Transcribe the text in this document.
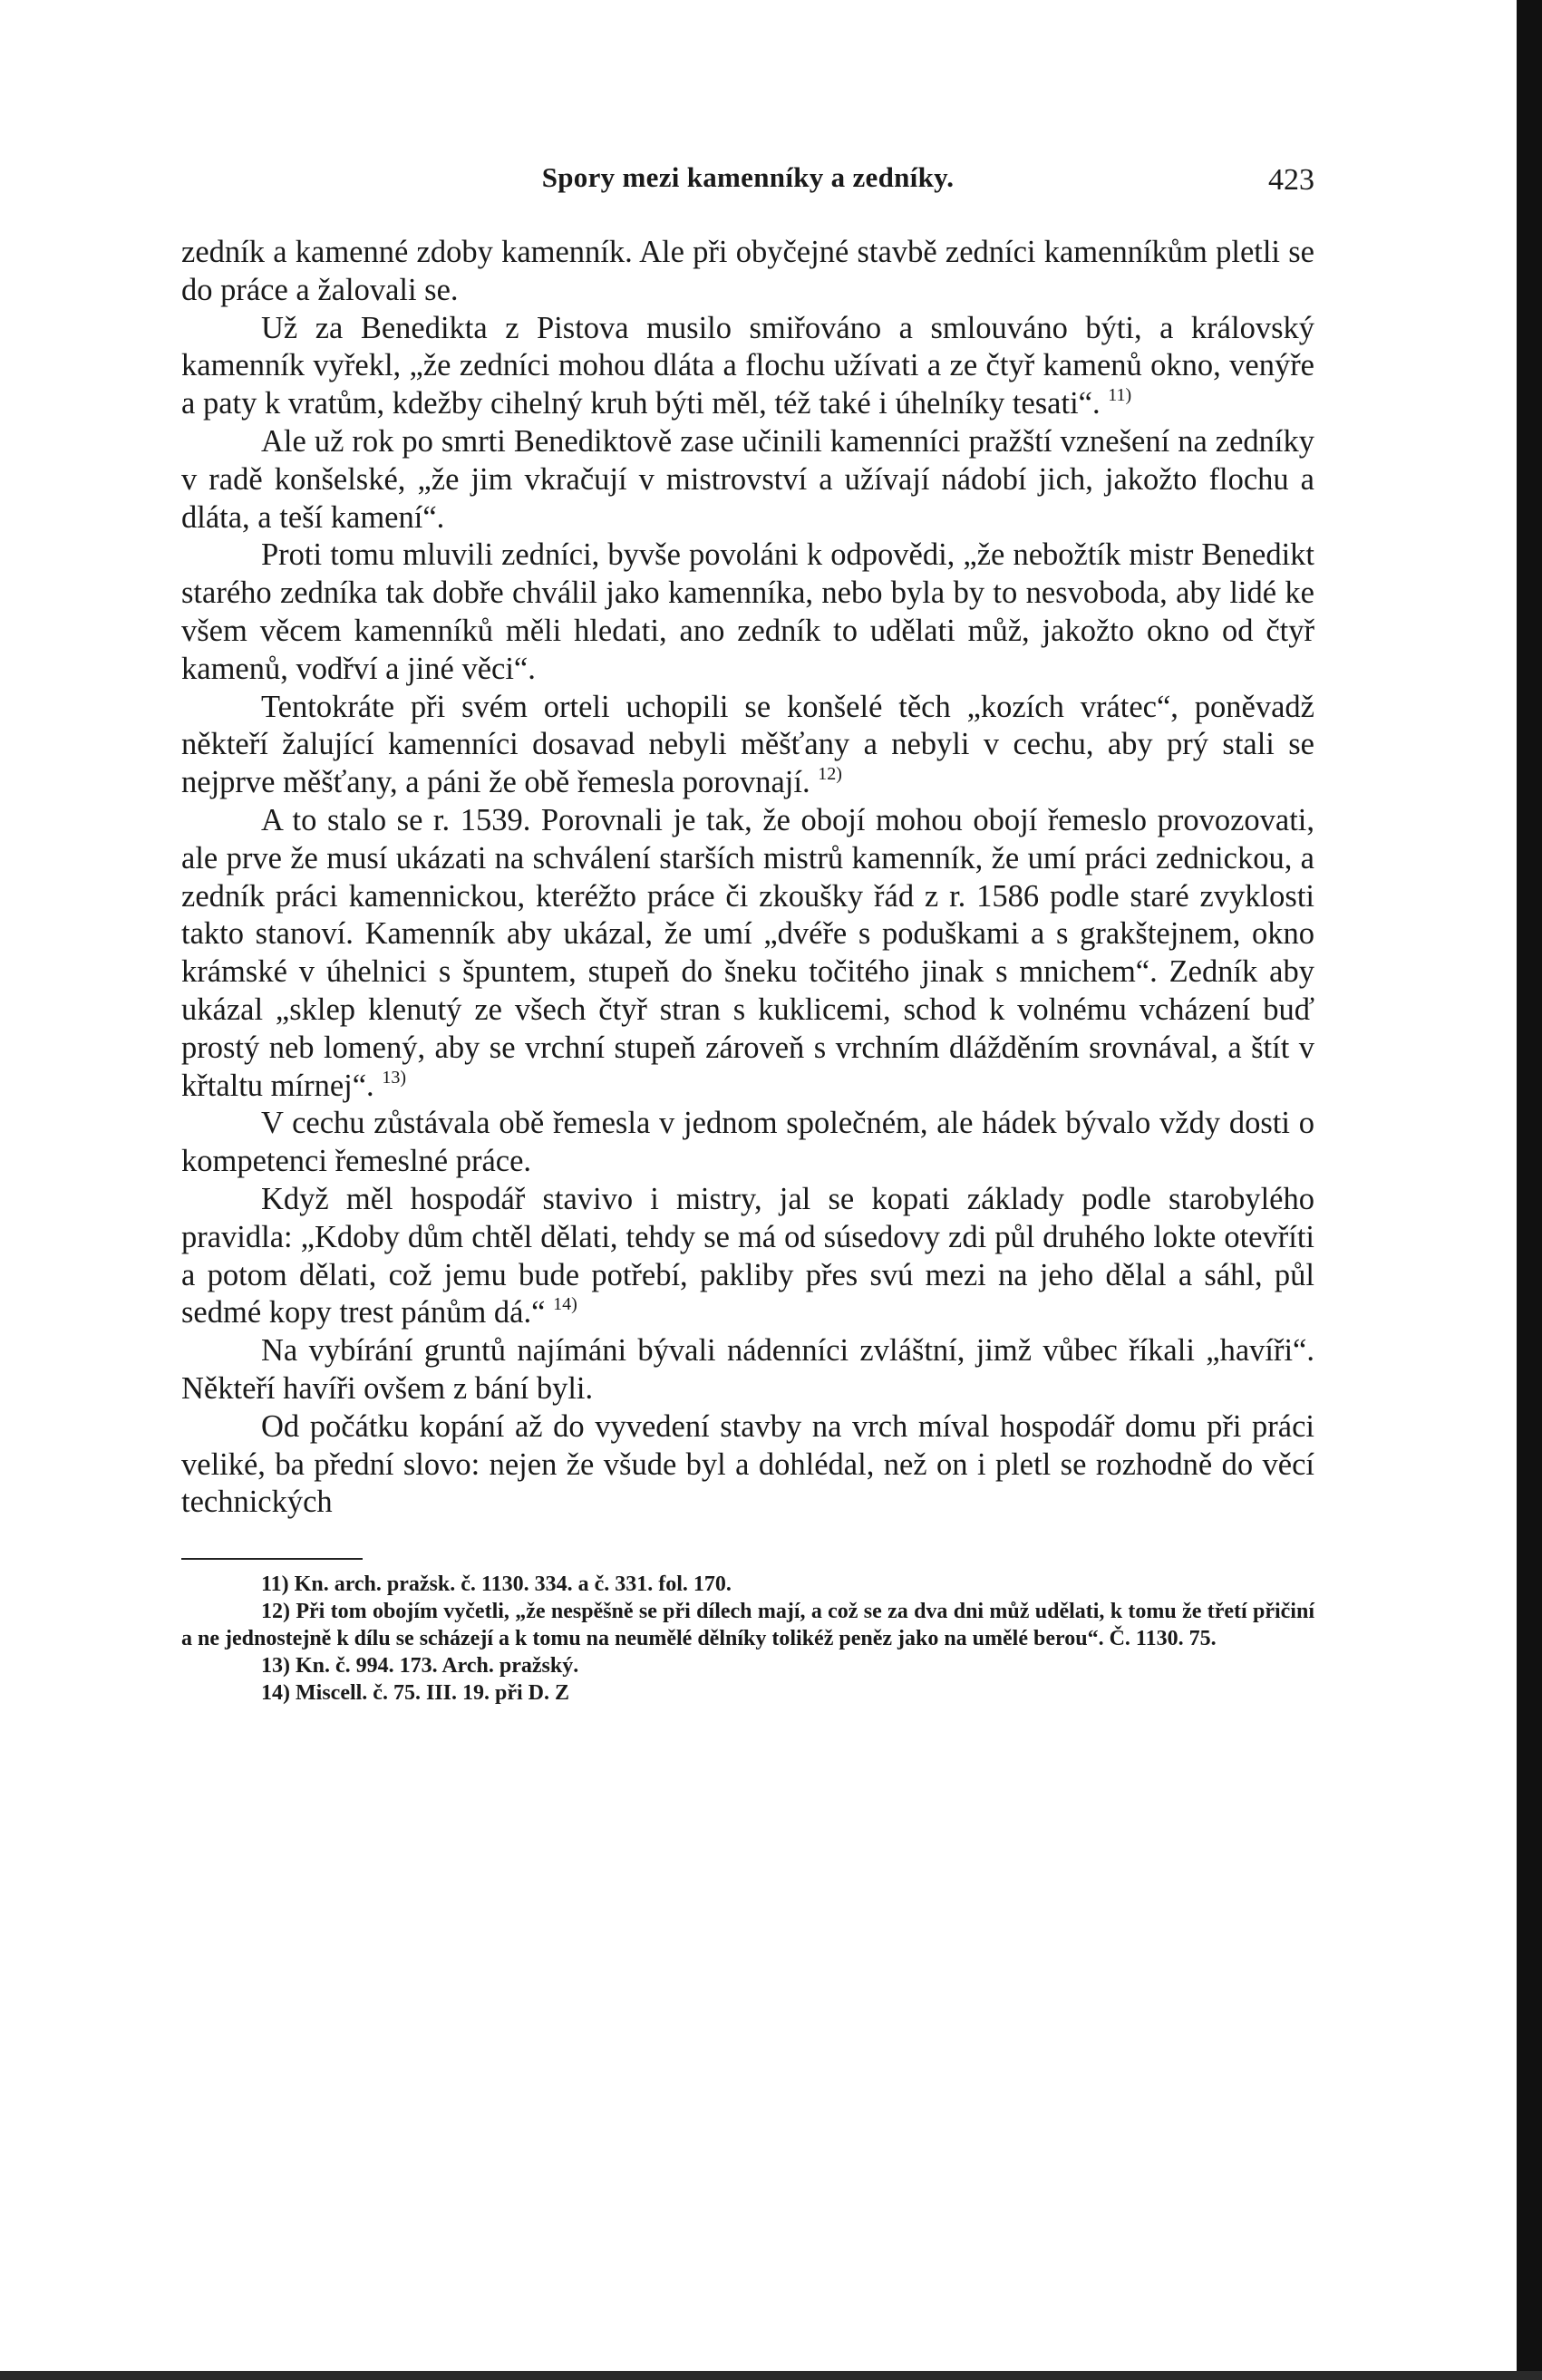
Spory mezi kamenníky a zedníky.	423

zedník a kamenné zdoby kamenník. Ale při obyčejné stavbě zedníci kamenníkům pletli se do práce a žalovali se.

Už za Benedikta z Pistova musilo smiřováno a smlouváno býti, a královský kamenník vyřekl, „že zedníci mohou dláta a flochu užívati a ze čtyř kamenů okno, venýře a paty k vratům, kdežby cihelný kruh býti měl, též také i úhelníky tesati“. $^{11)}$

Ale už rok po smrti Benediktově zase učinili kamenníci pražští vznešení na zedníky v radě konšelské, „že jim vkračují v mistrovství a užívají nádobí jich, jakožto flochu a dláta, a teší kamení“.

Proti tomu mluvili zedníci, byvše povoláni k odpovědi, „že nebožtík mistr Benedikt starého zedníka tak dobře chválil jako kamenníka, nebo byla by to nesvoboda, aby lidé ke všem věcem kamenníků měli hledati, ano zedník to udělati můž, jakožto okno od čtyř kamenů, vodřví a jiné věci“.

Tentokráte při svém orteli uchopili se konšelé těch „kozích vrátec“, poněvadž někteří žalující kamenníci dosavad nebyli měšťany a nebyli v cechu, aby prý stali se nejprve měšťany, a páni že obě řemesla porovnají. $^{12)}$

A to stalo se r. 1539. Porovnali je tak, že obojí mohou obojí řemeslo provozovati, ale prve že musí ukázati na schválení starších mistrů kamenník, že umí práci zednickou, a zedník práci kamennickou, kteréžto práce či zkoušky řád z r. 1586 podle staré zvyklosti takto stanoví. Kamenník aby ukázal, že umí „dvéře s poduškami a s grakštejnem, okno krámské v úhelnici s špuntem, stupeň do šneku točitého jinak s mnichem“. Zedník aby ukázal „sklep klenutý ze všech čtyř stran s kuklicemi, schod k volnému vcházení buď prostý neb lomený, aby se vrchní stupeň zároveň s vrchním dlážděním srovnával, a štít v křtaltu mírnej“. $^{13)}$

V cechu zůstávala obě řemesla v jednom společném, ale hádek bývalo vždy dosti o kompetenci řemeslné práce.

Když měl hospodář stavivo i mistry, jal se kopati základy podle starobylého pravidla: „Kdoby dům chtěl dělati, tehdy se má od súsedovy zdi půl druhého lokte otevříti a potom dělati, což jemu bude potřebí, pakliby přes svú mezi na jeho dělal a sáhl, půl sedmé kopy trest pánům dá.“ $^{14)}$

Na vybírání gruntů najímáni bývali nádenníci zvláštní, jimž vůbec říkali „havíři“. Někteří havíři ovšem z bání byli.

Od počátku kopání až do vyvedení stavby na vrch míval hospodář domu při práci veliké, ba přední slovo: nejen že všude byl a dohlédal, než on i pletl se rozhodně do věcí technických

11) Kn. arch. pražsk. č. 1130. 334. a č. 331. fol. 170.

12) Při tom obojím vyčetli, „že nespěšně se při dílech mají, a což se za dva dni můž udělati, k tomu že třetí přičiní a ne jednostejně k dílu se scházejí a k tomu na neumělé dělníky tolikéž peněz jako na umělé berou“. Č. 1130. 75.

13) Kn. č. 994. 173. Arch. pražský.

14) Miscell. č. 75. III. 19. při D. Z
